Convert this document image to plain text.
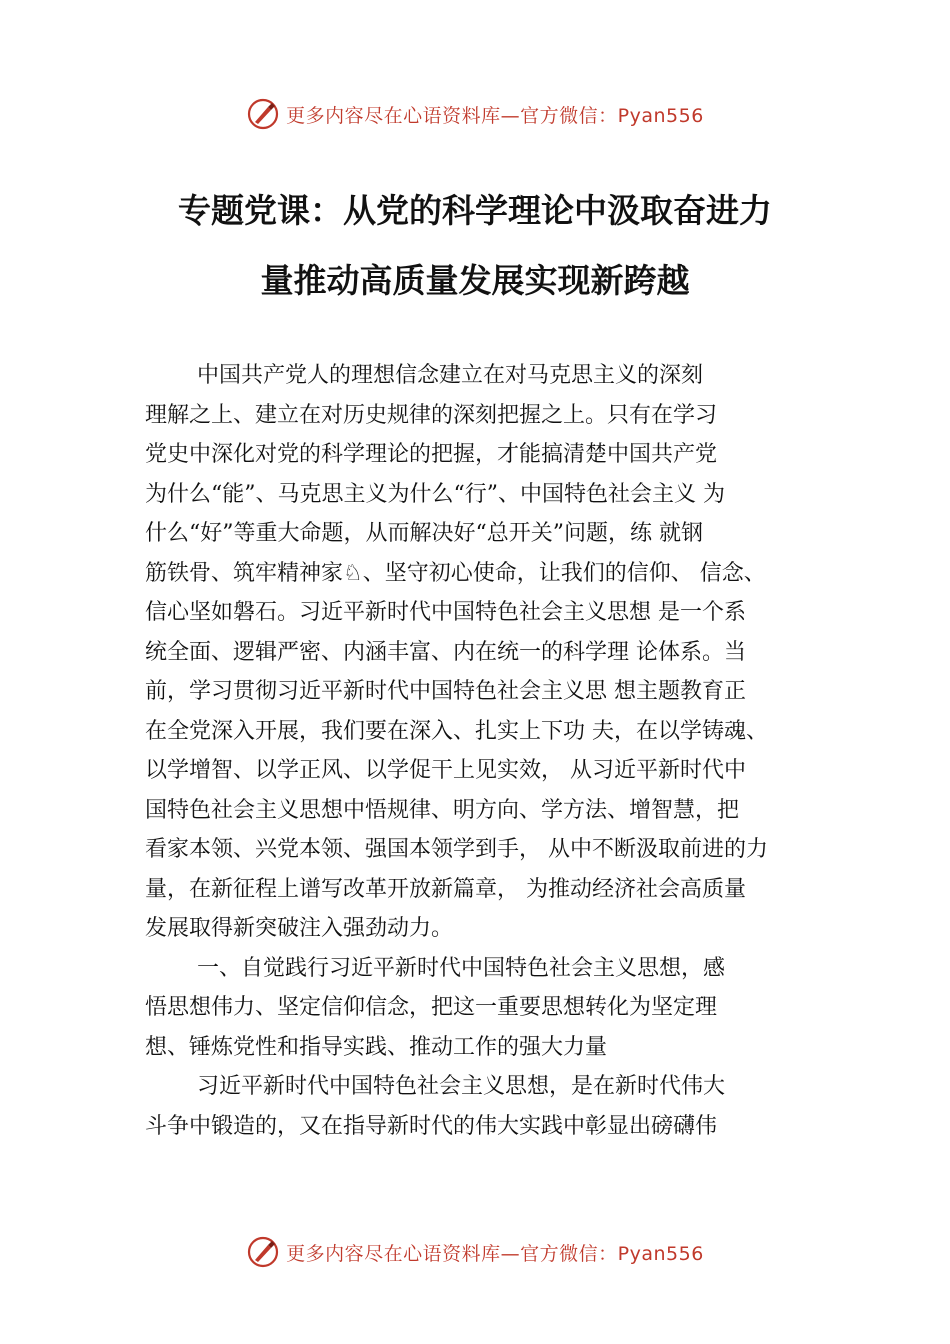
更多内容尽在心语资料库—官方微信：Pyan556
专题党课：从党的科学理论中汲取奋进力
量推动高质量发展实现新跨越
中国共产党人的理想信念建立在对马克思主义的深刻
理解之上、建立在对历史规律的深刻把握之上。只有在学习
党史中深化对党的科学理论的把握，才能搞清楚中国共产党
为什么“能”、马克思主义为什么“行”、中国特色社会主义 为
什么“好”等重大命题，从而解决好“总开关”问题，练 就钢
筋铁骨、筑牢精神家♘、坚守初心使命，让我们的信仰、 信念、
信心坚如磐石。习近平新时代中国特色社会主义思想 是一个系
统全面、逻辑严密、内涵丰富、内在统一的科学理 论体系。当
前，学习贯彻习近平新时代中国特色社会主义思 想主题教育正
在全党深入开展，我们要在深入、扎实上下功 夫，在以学铸魂、
以学增智、以学正风、以学促干上见实效， 从习近平新时代中
国特色社会主义思想中悟规律、明方向、学方法、增智慧，把
看家本领、兴党本领、强国本领学到手， 从中不断汲取前进的力
量，在新征程上谱写改革开放新篇章， 为推动经济社会高质量
发展取得新突破注入强劲动力。
一、自觉践行习近平新时代中国特色社会主义思想，感
悟思想伟力、坚定信仰信念，把这一重要思想转化为坚定理
想、锤炼党性和指导实践、推动工作的强大力量
习近平新时代中国特色社会主义思想，是在新时代伟大
斗争中锻造的，又在指导新时代的伟大实践中彰显出磅礴伟
更多内容尽在心语资料库—官方微信：Pyan556
